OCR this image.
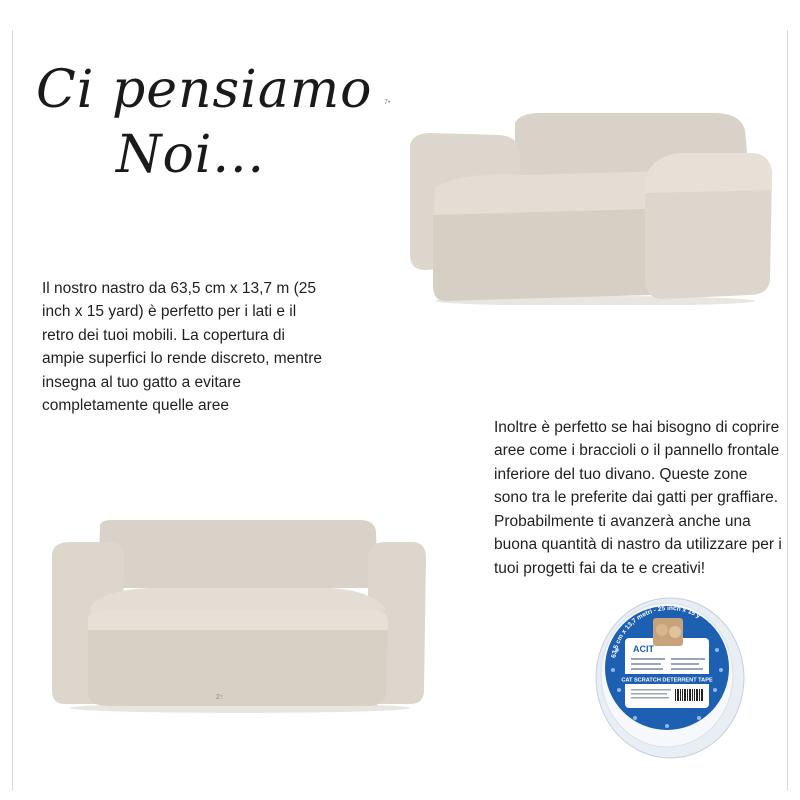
Ci pensiamo
Noi...
7•

Il nostro nastro da 63,5 cm x 13,7 m (25 inch x 15 yard) è perfetto per i lati e il retro dei tuoi mobili. La copertura di ampie superfici lo rende discreto, mentre insegna al tuo gatto a evitare completamente quelle aree

Inoltre è perfetto se hai bisogno di coprire aree come i braccioli o il pannello frontale inferiore del tuo divano. Queste zone sono tra le preferite dai gatti per graffiare. Probabilmente ti avanzerà anche una buona quantità di nastro da utilizzare per i tuoi progetti fai da te e creativi!

2↑
63,5 cm x 13,7 metri - 25 inch x 15 y
ACIT
CAT SCRATCH DETERRENT TAPE
